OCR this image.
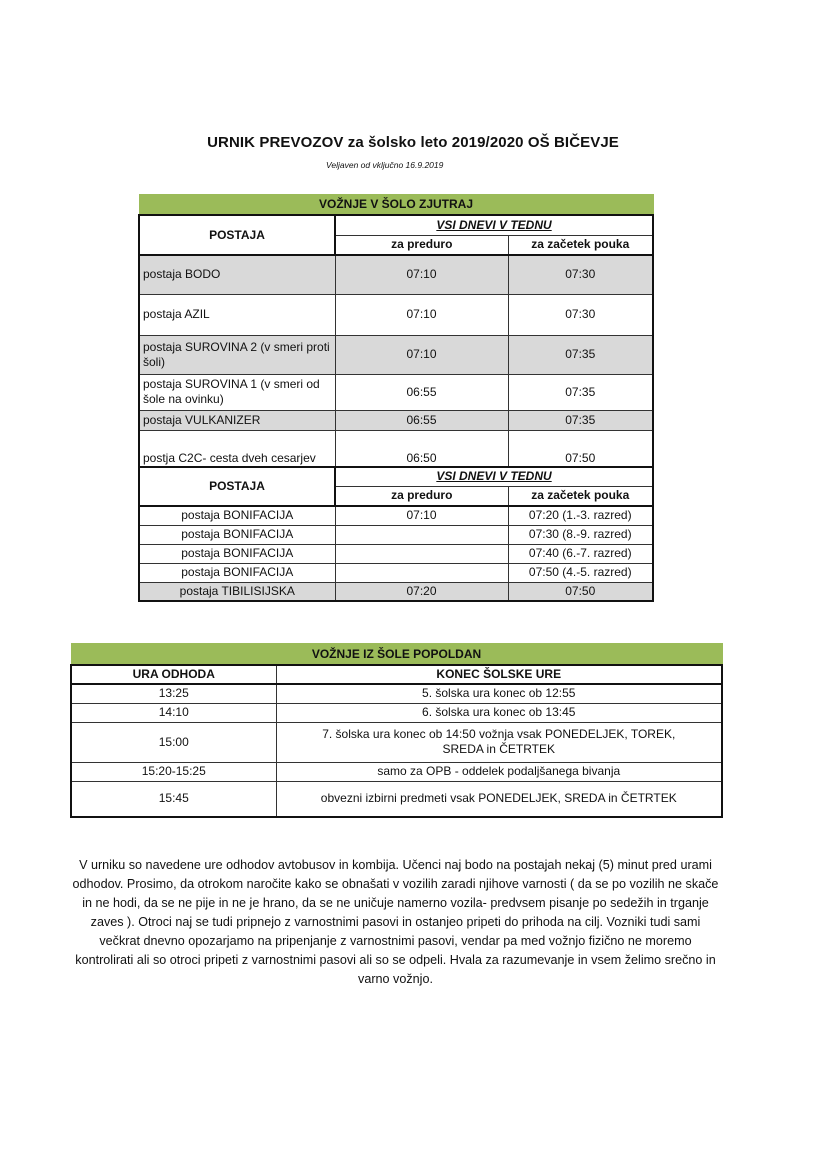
URNIK PREVOZOV za šolsko leto 2019/2020 OŠ BIČEVJE
Veljaven od vključno 16.9.2019
VOŽNJE V ŠOLO ZJUTRAJ		
POSTAJA	VSI DNEVI V TEDNU	
	za preduro	za začetek pouka
postaja BODO	07:10	07:30
postaja AZIL	07:10	07:30
postaja SUROVINA 2 (v smeri proti šoli)	07:10	07:35
postaja SUROVINA 1 (v smeri od šole na ovinku)	06:55	07:35
postaja VULKANIZER	06:55	07:35
postja C2C- cesta dveh cesarjev	06:50	07:50
POSTAJA	VSI DNEVI V TEDNU	
	za preduro	za začetek pouka
postaja BONIFACIJA	07:10	07:20 (1.-3. razred)
postaja BONIFACIJA		07:30 (8.-9. razred)
postaja BONIFACIJA		07:40 (6.-7. razred)
postaja BONIFACIJA		07:50 (4.-5. razred)
postaja TIBILISIJSKA	07:20	07:50
VOŽNJE IZ ŠOLE POPOLDAN	
URA ODHODA	KONEC ŠOLSKE URE
13:25	5. šolska ura konec ob 12:55
14:10	6. šolska ura konec ob 13:45
15:00	7. šolska ura konec ob 14:50 vožnja vsak PONEDELJEK, TOREK, SREDA in ČETRTEK
15:20-15:25	samo za OPB - oddelek podaljšanega bivanja
15:45	obvezni izbirni predmeti vsak PONEDELJEK, SREDA in ČETRTEK
V urniku so navedene ure odhodov avtobusov in kombija. Učenci naj bodo na postajah nekaj (5) minut pred urami odhodov. Prosimo, da otrokom naročite kako se obnašati v vozilih zaradi njihove varnosti ( da se po vozilih ne skače in ne hodi, da se ne pije in ne je hrano, da se ne uničuje namerno vozila- predvsem pisanje po sedežih in trganje zaves ). Otroci naj se tudi pripnejo z varnostnimi pasovi in ostanjeo pripeti do prihoda na cilj. Vozniki tudi sami večkrat dnevno opozarjamo na pripenjanje z varnostnimi pasovi, vendar pa med vožnjo fizično ne moremo kontrolirati ali so otroci pripeti z varnostnimi pasovi ali so se odpeli. Hvala za razumevanje in vsem želimo srečno in varno vožnjo.
